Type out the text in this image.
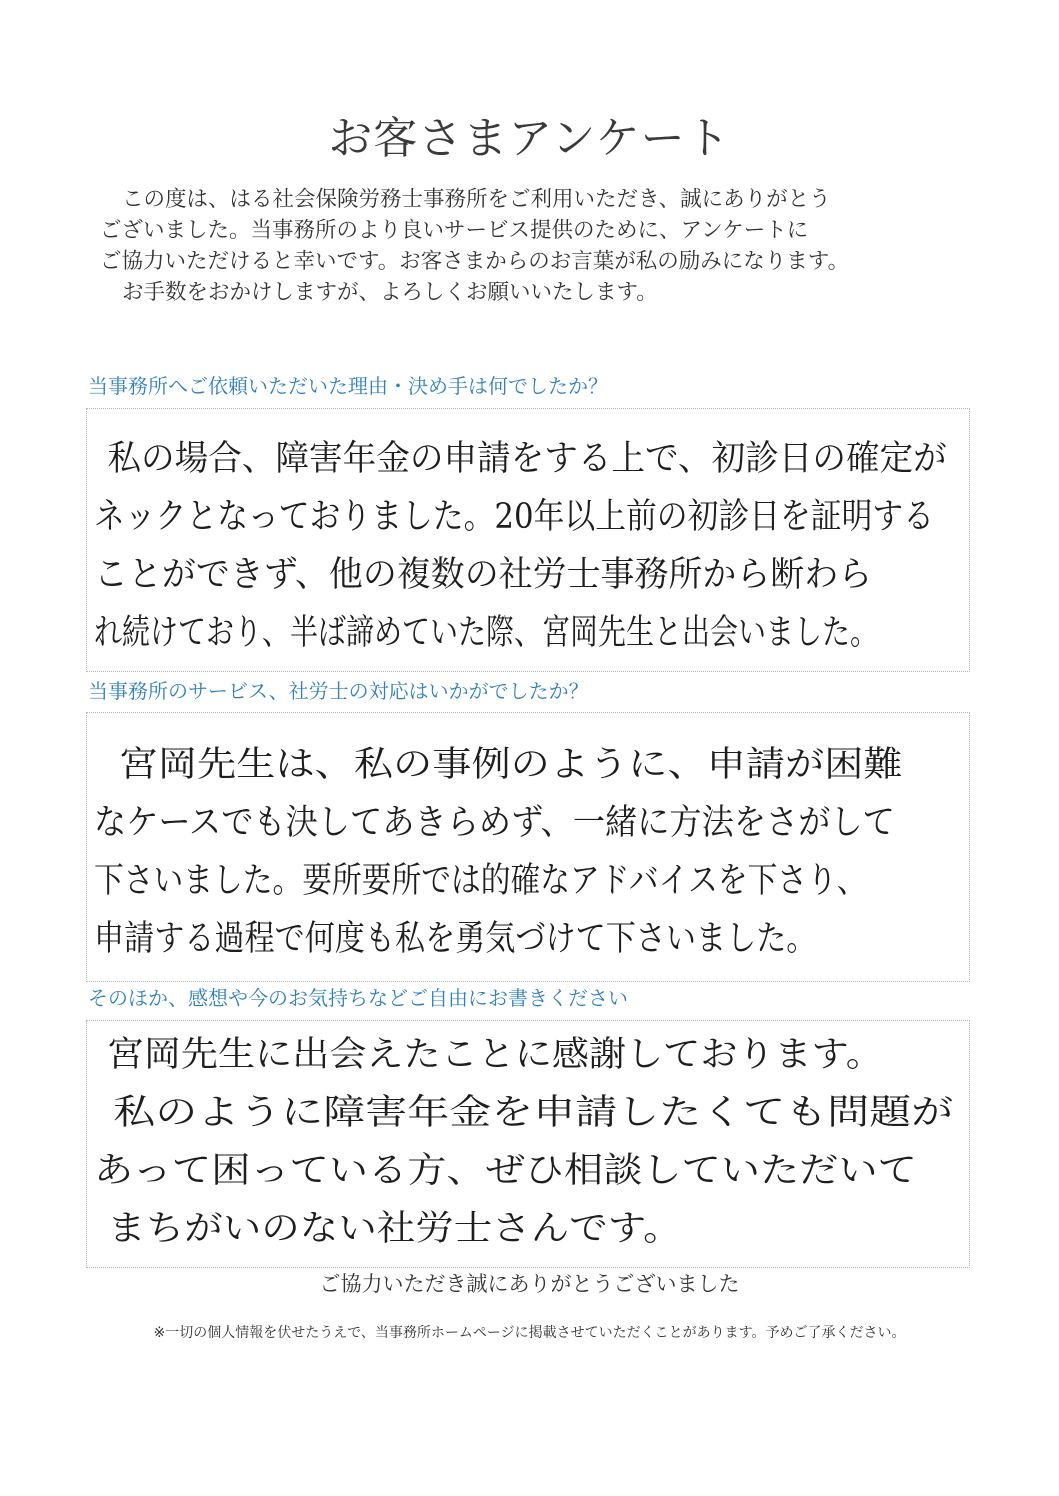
お客さまアンケート

この度は、はる社会保険労務士事務所をご利用いただき、誠にありがとう

ございました。当事務所のより良いサービス提供のために、アンケートに

ご協力いただけると幸いです。お客さまからのお言葉が私の励みになります。

お手数をおかけしますが、よろしくお願いいたします。

当事務所へご依頼いただいた理由・決め手は何でしたか？
私の場合、障害年金の申請をする上で、初診日の確定が
ネックとなっておりました。20年以上前の初診日を証明する
ことができず、他の複数の社労士事務所から断わら
れ続けており、半ば諦めていた際、宮岡先生と出会いました。
当事務所のサービス、社労士の対応はいかがでしたか？
宮岡先生は、私の事例のように、申請が困難
なケースでも決してあきらめず、一緒に方法をさがして
下さいました。要所要所では的確なアドバイスを下さり、
申請する過程で何度も私を勇気づけて下さいました。
そのほか、感想や今のお気持ちなどご自由にお書きください
宮岡先生に出会えたことに感謝しております。
私のように障害年金を申請したくても問題が
あって困っている方、ぜひ相談していただいて
まちがいのない社労士さんです。
ご協力いただき誠にありがとうございました
※一切の個人情報を伏せたうえで、当事務所ホームページに掲載させていただくことがあります。予めご了承ください。
